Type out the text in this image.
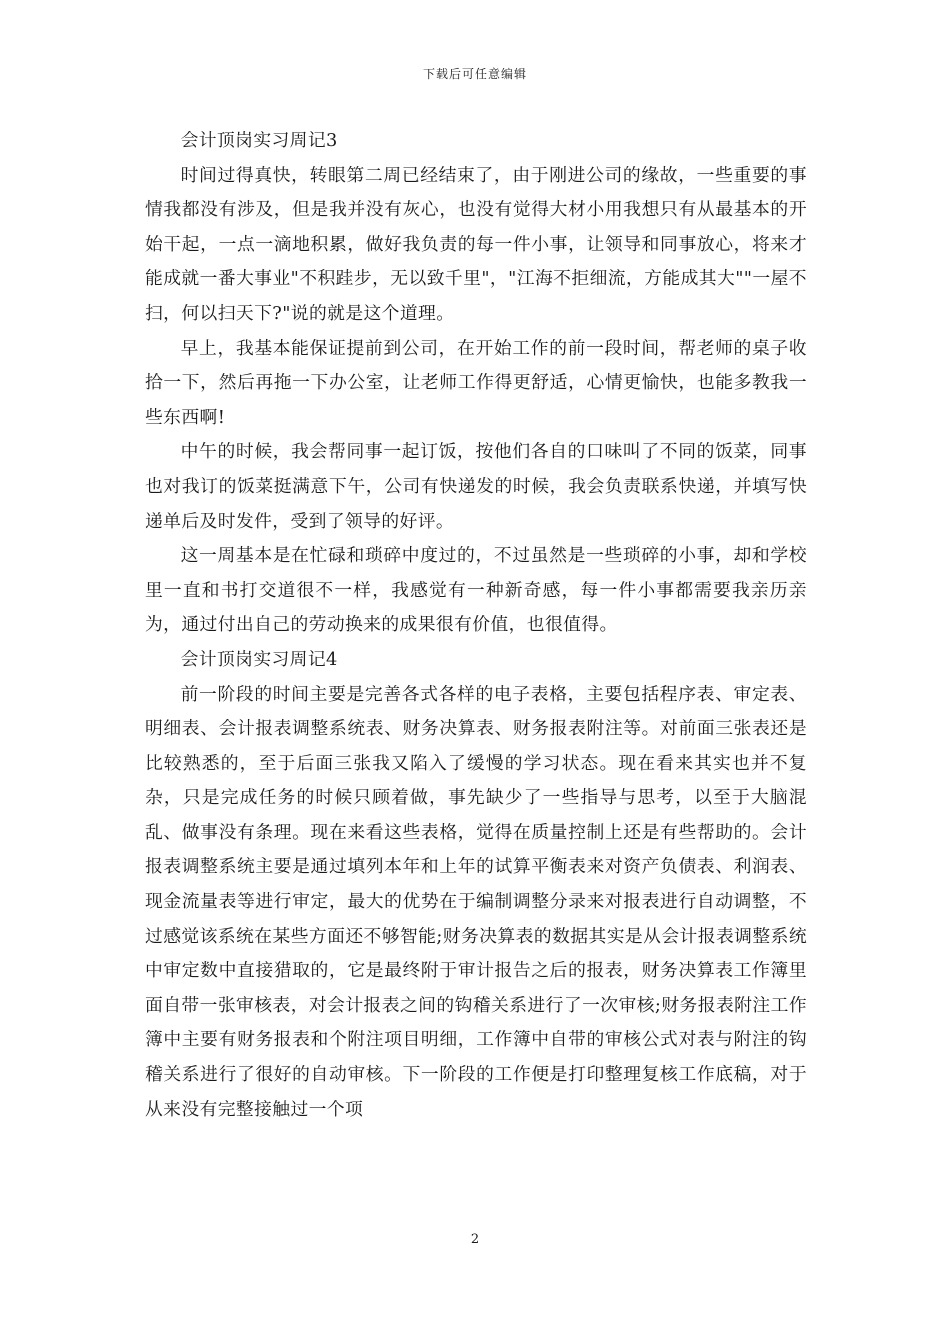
下载后可任意编辑

会计顶岗实习周记3

时间过得真快，转眼第二周已经结束了，由于刚进公司的缘故，一些重要的事情我都没有涉及，但是我并没有灰心，也没有觉得大材小用我想只有从最基本的开始干起，一点一滴地积累，做好我负责的每一件小事，让领导和同事放心，将来才能成就一番大事业"不积跬步，无以致千里"，"江海不拒细流，方能成其大""一屋不扫，何以扫天下?"说的就是这个道理。

早上，我基本能保证提前到公司，在开始工作的前一段时间，帮老师的桌子收拾一下，然后再拖一下办公室，让老师工作得更舒适，心情更愉快，也能多教我一些东西啊!

中午的时候，我会帮同事一起订饭，按他们各自的口味叫了不同的饭菜，同事也对我订的饭菜挺满意下午，公司有快递发的时候，我会负责联系快递，并填写快递单后及时发件，受到了领导的好评。

这一周基本是在忙碌和琐碎中度过的，不过虽然是一些琐碎的小事，却和学校里一直和书打交道很不一样，我感觉有一种新奇感，每一件小事都需要我亲历亲为，通过付出自己的劳动换来的成果很有价值，也很值得。

会计顶岗实习周记4

前一阶段的时间主要是完善各式各样的电子表格，主要包括程序表、审定表、明细表、会计报表调整系统表、财务决算表、财务报表附注等。对前面三张表还是比较熟悉的，至于后面三张我又陷入了缓慢的学习状态。现在看来其实也并不复杂，只是完成任务的时候只顾着做，事先缺少了一些指导与思考，以至于大脑混乱、做事没有条理。现在来看这些表格，觉得在质量控制上还是有些帮助的。会计报表调整系统主要是通过填列本年和上年的试算平衡表来对资产负债表、利润表、现金流量表等进行审定，最大的优势在于编制调整分录来对报表进行自动调整，不过感觉该系统在某些方面还不够智能;财务决算表的数据其实是从会计报表调整系统中审定数中直接猎取的，它是最终附于审计报告之后的报表，财务决算表工作簿里面自带一张审核表，对会计报表之间的钩稽关系进行了一次审核;财务报表附注工作簿中主要有财务报表和个附注项目明细，工作簿中自带的审核公式对表与附注的钩稽关系进行了很好的自动审核。下一阶段的工作便是打印整理复核工作底稿，对于从来没有完整接触过一个项

2
